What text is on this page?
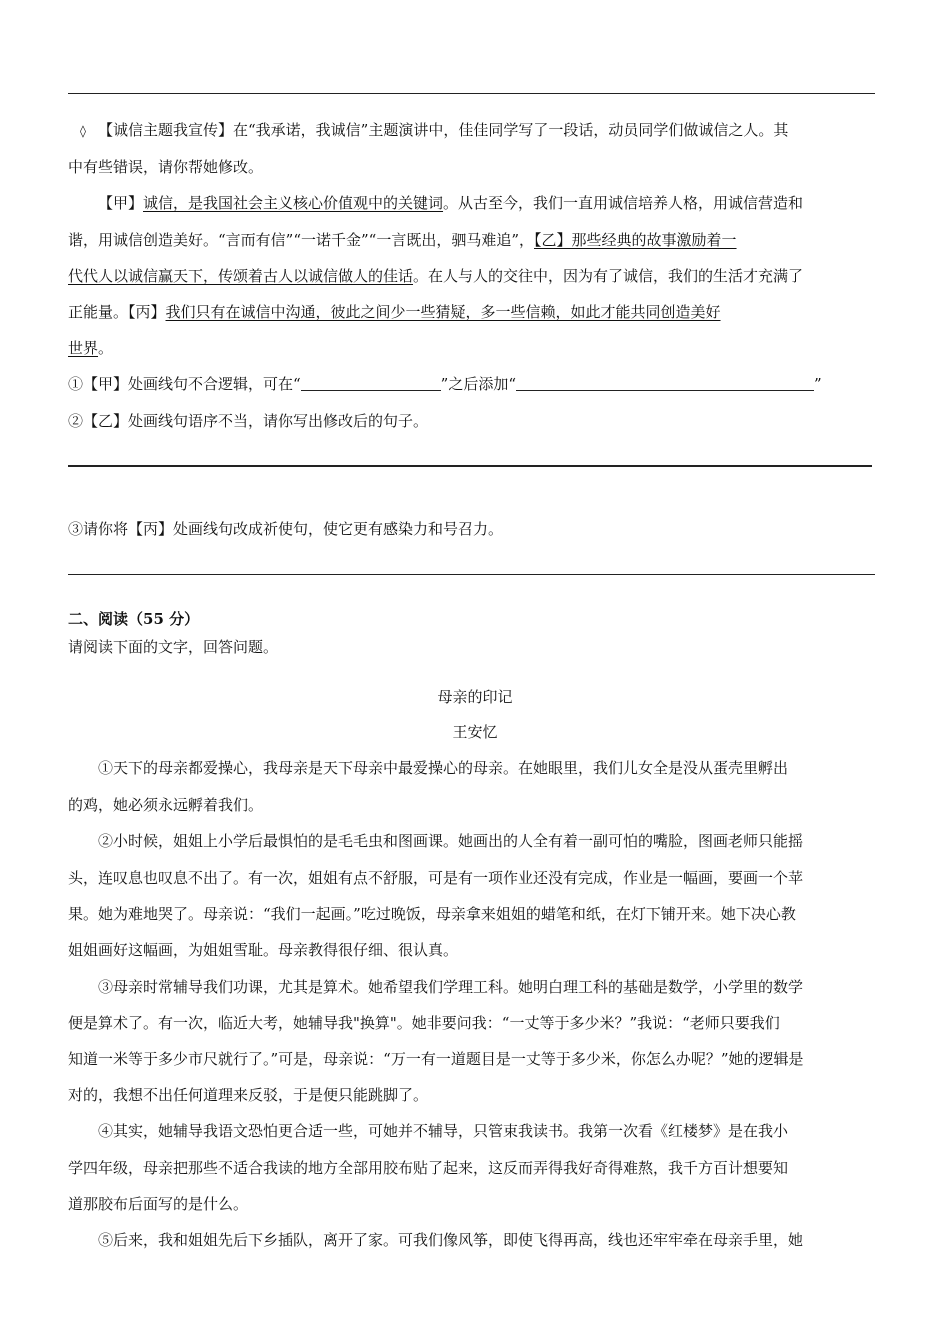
◊ 【诚信主题我宣传】在“我承诺，我诚信”主题演讲中，佳佳同学写了一段话，动员同学们做诚信之人。其
中有些错误，请你帮她修改。
【甲】诚信，是我国社会主义核心价值观中的关键词。从古至今，我们一直用诚信培养人格，用诚信营造和
谐，用诚信创造美好。“言而有信”“一诺千金”“一言既出，驷马难追”，【乙】那些经典的故事激励着一
代代人以诚信赢天下，传颂着古人以诚信做人的佳话。在人与人的交往中，因为有了诚信，我们的生活才充满了
正能量。【丙】我们只有在诚信中沟通，彼此之间少一些猜疑，多一些信赖，如此才能共同创造美好
世界。
①【甲】处画线句不合逻辑，可在“	”之后添加“	”
②【乙】处画线句语序不当，请你写出修改后的句子。
③请你将【丙】处画线句改成祈使句，使它更有感染力和号召力。
二、阅读（55 分）
请阅读下面的文字，回答问题。
母亲的印记
王安忆
①天下的母亲都爱操心，我母亲是天下母亲中最爱操心的母亲。在她眼里，我们儿女全是没从蛋壳里孵出
的鸡，她必须永远孵着我们。
②小时候，姐姐上小学后最惧怕的是毛毛虫和图画课。她画出的人全有着一副可怕的嘴脸，图画老师只能摇
头，连叹息也叹息不出了。有一次，姐姐有点不舒服，可是有一项作业还没有完成，作业是一幅画，要画一个苹
果。她为难地哭了。母亲说：“我们一起画。”吃过晚饭，母亲拿来姐姐的蜡笔和纸，在灯下铺开来。她下决心教
姐姐画好这幅画，为姐姐雪耻。母亲教得很仔细、很认真。
③母亲时常辅导我们功课，尤其是算术。她希望我们学理工科。她明白理工科的基础是数学，小学里的数学
便是算术了。有一次，临近大考，她辅导我"换算"。她非要问我：“一丈等于多少米？”我说：“老师只要我们
知道一米等于多少市尺就行了。”可是，母亲说：“万一有一道题目是一丈等于多少米，你怎么办呢？”她的逻辑是
对的，我想不出任何道理来反驳，于是便只能跳脚了。
④其实，她辅导我语文恐怕更合适一些，可她并不辅导，只管束我读书。我第一次看《红楼梦》是在我小
学四年级，母亲把那些不适合我读的地方全部用胶布贴了起来，这反而弄得我好奇得难熬，我千方百计想要知
道那胶布后面写的是什么。
⑤后来，我和姐姐先后下乡插队，离开了家。可我们像风筝，即使飞得再高，线也还牢牢牵在母亲手里，她
